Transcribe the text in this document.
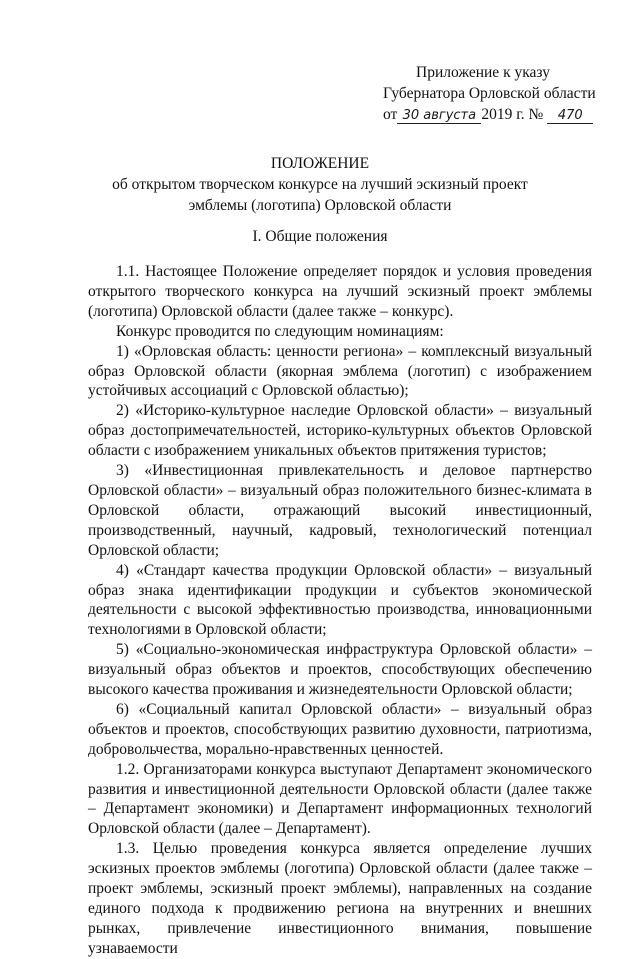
Приложение к указу
Губернатора Орловской области
от 30 августа 2019 г. № 470
ПОЛОЖЕНИЕ
об открытом творческом конкурсе на лучший эскизный проект
эмблемы (логотипа) Орловской области
I. Общие положения

1.1. Настоящее Положение определяет порядок и условия проведения открытого творческого конкурса на лучший эскизный проект эмблемы (логотипа) Орловской области (далее также – конкурс).

Конкурс проводится по следующим номинациям:

1) «Орловская область: ценности региона» – комплексный визуальный образ Орловской области (якорная эмблема (логотип) с изображением устойчивых ассоциаций с Орловской областью);

2) «Историко-культурное наследие Орловской области» – визуальный образ достопримечательностей, историко-культурных объектов Орловской области с изображением уникальных объектов притяжения туристов;

3) «Инвестиционная привлекательность и деловое партнерство Орловской области» – визуальный образ положительного бизнес-климата в Орловской области, отражающий высокий инвестиционный, производственный, научный, кадровый, технологический потенциал Орловской области;

4) «Стандарт качества продукции Орловской области» – визуальный образ знака идентификации продукции и субъектов экономической деятельности с высокой эффективностью производства, инновационными технологиями в Орловской области;

5) «Социально-экономическая инфраструктура Орловской области» – визуальный образ объектов и проектов, способствующих обеспечению высокого качества проживания и жизнедеятельности Орловской области;

6) «Социальный капитал Орловской области» – визуальный образ объектов и проектов, способствующих развитию духовности, патриотизма, добровольчества, морально-нравственных ценностей.

1.2. Организаторами конкурса выступают Департамент экономического развития и инвестиционной деятельности Орловской области (далее также – Департамент экономики) и Департамент информационных технологий Орловской области (далее – Департамент).

1.3. Целью проведения конкурса является определение лучших эскизных проектов эмблемы (логотипа) Орловской области (далее также – проект эмблемы, эскизный проект эмблемы), направленных на создание единого подхода к продвижению региона на внутренних и внешних рынках, привлечение инвестиционного внимания, повышение узнаваемости
